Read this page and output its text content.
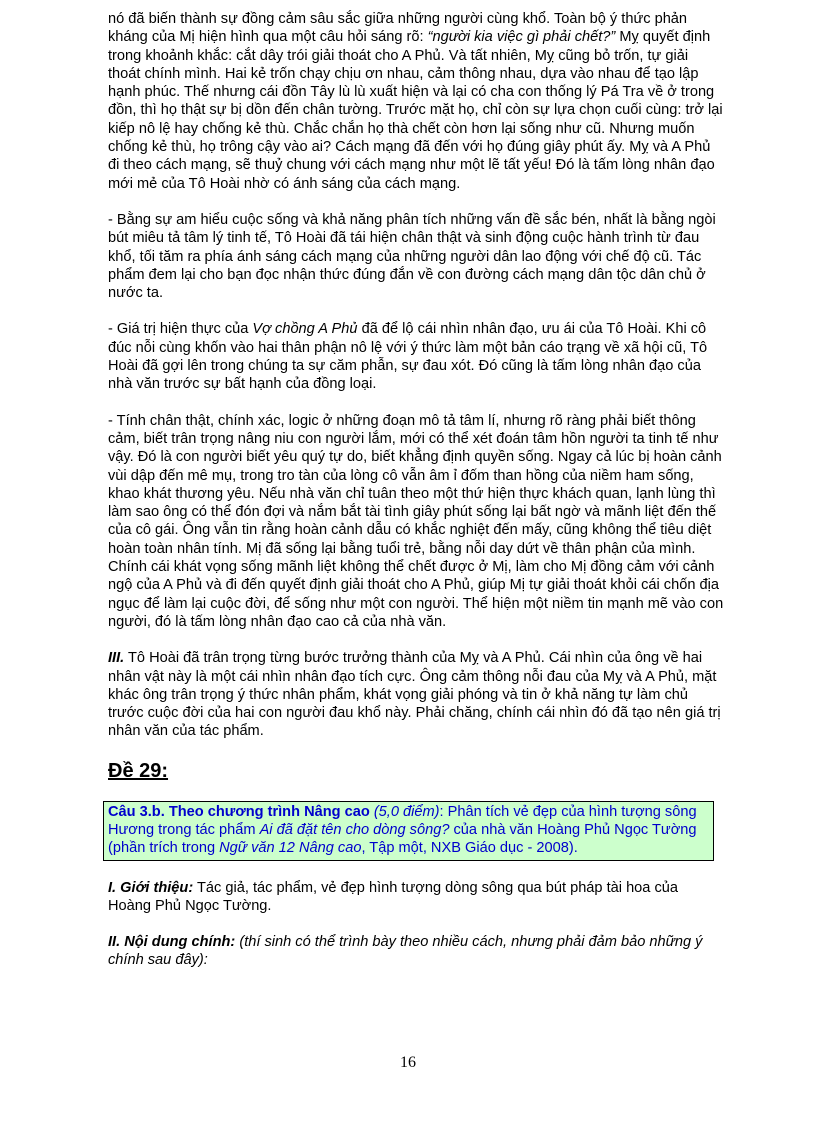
nó đã biến thành sự đồng cảm sâu sắc giữa những người cùng khổ. Toàn bộ ý thức phản kháng của Mị hiện hình qua một câu hỏi sáng rõ: “người kia việc gì phải chết?” Mỵ quyết định trong khoảnh khắc: cắt dây trói giải thoát cho A Phủ. Và tất nhiên, Mỵ cũng bỏ trốn, tự giải thoát chính mình. Hai kẻ trốn chạy chịu ơn nhau, cảm thông nhau, dựa vào nhau để tạo lập hạnh phúc. Thế nhưng cái đồn Tây lù lù xuất hiện và lại có cha con thống lý Pá Tra về ở trong đồn, thì họ thật sự bị dồn đến chân tường. Trước mặt họ, chỉ còn sự lựa chọn cuối cùng: trở lại kiếp nô lệ hay chống kẻ thù. Chắc chắn họ thà chết còn hơn lại sống như cũ. Nhưng muốn chống kẻ thù, họ trông cậy vào ai? Cách mạng đã đến với họ đúng giây phút ấy. Mỵ và A Phủ đi theo cách mạng, sẽ thuỷ chung với cách mạng như một lẽ tất yếu! Đó là tấm lòng nhân đạo mới mẻ của Tô Hoài nhờ có ánh sáng của cách mạng.

- Bằng sự am hiểu cuộc sống và khả năng phân tích những vấn đề sắc bén, nhất là bằng ngòi bút miêu tả tâm lý tinh tế, Tô Hoài đã tái hiện chân thật và sinh động cuộc hành trình từ đau khổ, tối tăm ra phía ánh sáng cách mạng của những người dân lao động với chế độ cũ. Tác phẩm đem lại cho bạn đọc nhận thức đúng đắn về con đường cách mạng dân tộc dân chủ ở nước ta.

- Giá trị hiện thực của Vợ chồng A Phủ đã để lộ cái nhìn nhân đạo, ưu ái của Tô Hoài. Khi cô đúc nỗi cùng khốn vào hai thân phận nô lệ với ý thức làm một bản cáo trạng về xã hội cũ, Tô Hoài đã gợi lên trong chúng ta sự căm phẫn, sự đau xót. Đó cũng là tấm lòng nhân đạo của nhà văn trước sự bất hạnh của đồng loại.

- Tính chân thật, chính xác, logic ở những đoạn mô tả tâm lí, nhưng rõ ràng phải biết thông cảm, biết trân trọng nâng niu con người lắm, mới có thể xét đoán tâm hồn người ta tinh tế như vậy. Đó là con người biết yêu quý tự do, biết khẳng định quyền sống. Ngay cả lúc bị hoàn cảnh vùi dập đến mê mụ, trong tro tàn của lòng cô vẫn âm ỉ đốm than hồng của niềm ham sống, khao khát thương yêu. Nếu nhà văn chỉ tuân theo một thứ hiện thực khách quan, lạnh lùng thì làm sao ông có thể đón đợi và nắm bắt tài tình giây phút sống lại bất ngờ và mãnh liệt đến thế của cô gái. Ông vẫn tin rằng hoàn cảnh dẫu có khắc nghiệt đến mấy, cũng không thể tiêu diệt hoàn toàn nhân tính. Mị đã sống lại bằng tuổi trẻ, bằng nỗi day dứt về thân phận của mình. Chính cái khát vọng sống mãnh liệt không thể chết được ở Mị, làm cho Mị đồng cảm với cảnh ngộ của A Phủ và đi đến quyết định giải thoát cho A Phủ, giúp Mị tự giải thoát khỏi cái chốn địa ngục để làm lại cuộc đời, để sống như một con người. Thể hiện một niềm tin mạnh mẽ vào con người, đó là tấm lòng nhân đạo cao cả của nhà văn.

III. Tô Hoài đã trân trọng từng bước trưởng thành của Mỵ và A Phủ. Cái nhìn của ông về hai nhân vật này là một cái nhìn nhân đạo tích cực. Ông cảm thông nỗi đau của Mỵ và A Phủ, mặt khác ông trân trọng ý thức nhân phẩm, khát vọng giải phóng và tin ở khả năng tự làm chủ trước cuộc đời của hai con người đau khổ này. Phải chăng, chính cái nhìn đó đã tạo nên giá trị nhân văn của tác phẩm.

Đề 29:
Câu 3.b. Theo chương trình Nâng cao (5,0 điểm): Phân tích vẻ đẹp của hình tượng sông Hương trong tác phẩm Ai đã đặt tên cho dòng sông? của nhà văn Hoàng Phủ Ngọc Tường (phần trích trong Ngữ văn 12 Nâng cao, Tập một, NXB Giáo dục - 2008).

I. Giới thiệu: Tác giả, tác phẩm, vẻ đẹp hình tượng dòng sông qua bút pháp tài hoa của Hoàng Phủ Ngọc Tường.

II. Nội dung chính: (thí sinh có thể trình bày theo nhiều cách, nhưng phải đảm bảo những ý chính sau đây):

16
